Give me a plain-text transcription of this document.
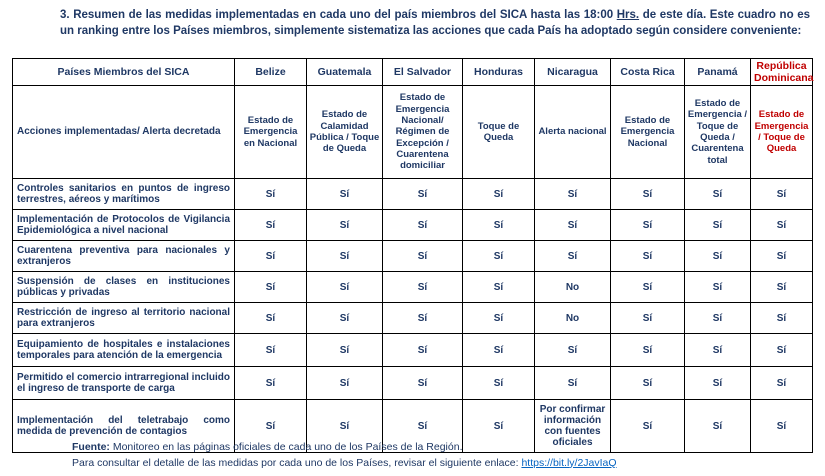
3. Resumen de las medidas implementadas en cada uno del país miembros del SICA hasta las 18:00 Hrs. de este día. Este cuadro no es un ranking entre los Países miembros, simplemente sistematiza las acciones que cada País ha adoptado según considere conveniente:
Países Miembros del SICA	Belize	Guatemala	El Salvador	Honduras	Nicaragua	Costa Rica	Panamá	República Dominicana
Acciones implementadas/ Alerta decretada	Estado de Emergencia en Nacional	Estado de Calamidad Pública / Toque de Queda	Estado de Emergencia Nacional/ Régimen de Excepción / Cuarentena domiciliar	Toque de Queda	Alerta nacional	Estado de Emergencia Nacional	Estado de Emergencia / Toque de Queda / Cuarentena total	Estado de Emergencia / Toque de Queda
Controles sanitarios en puntos de ingreso terrestres, aéreos y marítimos	Sí	Sí	Sí	Sí	Sí	Sí	Sí	Sí
Implementación de Protocolos de Vigilancia Epidemiológica a nivel nacional	Sí	Sí	Sí	Sí	Sí	Sí	Sí	Sí
Cuarentena preventiva para nacionales y extranjeros	Sí	Sí	Sí	Sí	Sí	Sí	Sí	Sí
Suspensión de clases en instituciones públicas y privadas	Sí	Sí	Sí	Sí	No	Sí	Sí	Sí
Restricción de ingreso al territorio nacional para extranjeros	Sí	Sí	Sí	Sí	No	Sí	Sí	Sí
Equipamiento de hospitales e instalaciones temporales para atención de la emergencia	Sí	Sí	Sí	Sí	Sí	Sí	Sí	Sí
Permitido el comercio intrarregional incluido el ingreso de transporte de carga	Sí	Sí	Sí	Sí	Sí	Sí	Sí	Sí
Implementación del teletrabajo como medida de prevención de contagios	Sí	Sí	Sí	Sí	Por confirmar información con fuentes oficiales	Sí	Sí	Sí
Fuente: Monitoreo en las páginas oficiales de cada uno de los Países de la Región.
Para consultar el detalle de las medidas por cada uno de los Países, revisar el siguiente enlace: https://bit.ly/2JavIaQ
